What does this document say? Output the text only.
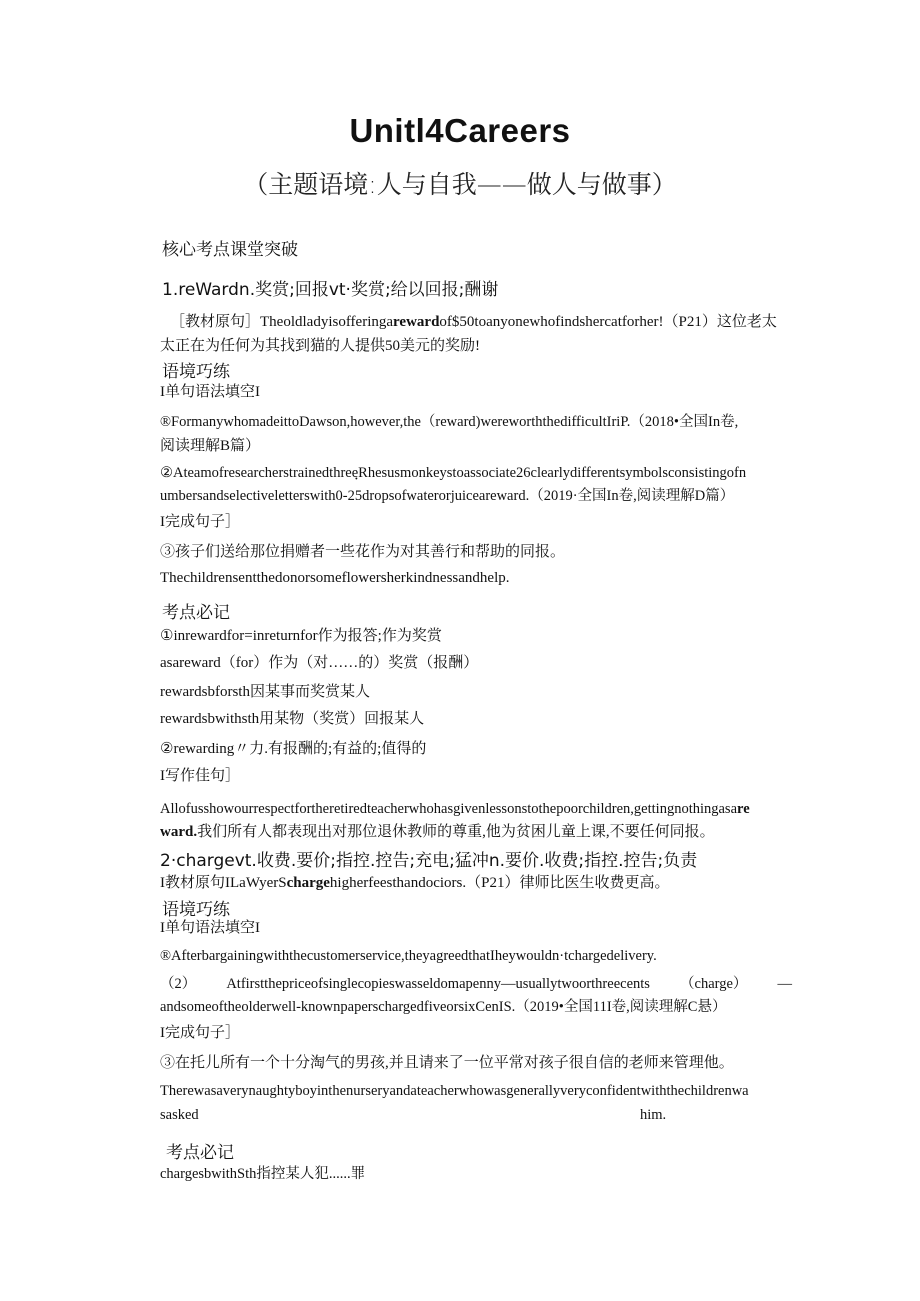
Unitl4Careers
（主题语境:人与自我——做人与做事）
核心考点课堂突破
1.reWardn.奖赏;回报vt·奖赏;给以回报;酬谢
［教材原句］Theoldladyisofferingarewardof$50toanyonewhofindshercatforher!（P21）这位老太
太正在为任何为其找到猫的人提供50美元的奖励!
语境巧练
I单句语法填空I
®FormanywhomadeittoDawson,however,the（reward)wereworththedifficultIriP.（2018•全国In卷,
阅读理解B篇）
②AteamofresearcherstrainedthreeฺRhesusmonkeystoassociate26clearlydifferentsymbolsconsistingofn
umbersandselectiveletterswith0-25dropsofwaterorjuiceareward.（2019·全国In卷,阅读理解D篇）
I完成句子］
③孩子们送给那位捐赠者一些花作为对其善行和帮助的同报。
Thechildrensentthedonorsomeflowersherkindnessandhelp.
考点必记
①inrewardfor=inreturnfor作为报答;作为奖赏
asareward（for）作为（对……的）奖赏（报酬）
rewardsbforsth因某事而奖赏某人
rewardsbwithsth用某物（奖赏）回报某人
②rewarding〃力.有报酬的;有益的;值得的
I写作佳句］
Allofusshowourrespectfortheretiredteacherwhohasgivenlessonstothepoorchildren,gettingnothingasare
ward.我们所有人都表现出对那位退休教师的尊重,他为贫困儿童上课,不要任何同报。
2·chargevt.收费.要价;指控.控告;充电;猛冲n.要价.收费;指控.控告;负责
I教材原句ILaWyerSchargehigherfeesthandociors.（P21）律师比医生收费更高。
语境巧练
I单句语法填空I
®Afterbargainingwiththecustomerservice,theyagreedthatIheywouldn·tchargedelivery.
（2） Atfirstthepriceofsinglecopieswasseldomapenny—usuallytwoorthreecents （charge） —
andsomeoftheolderwell-knownpaperschargedfiveorsixCenIS.（2019•全国11I卷,阅读理解C悬）
I完成句子］
③在托儿所有一个十分淘气的男孩,并且请来了一位平常对孩子很自信的老师来管理他。
Therewasaverynaughtyboyinthenurseryandateacherwhowasgenerallyveryconfidentwiththechildrenwa
sasked	him.
考点必记
chargesbwithSth指控某人犯......罪
